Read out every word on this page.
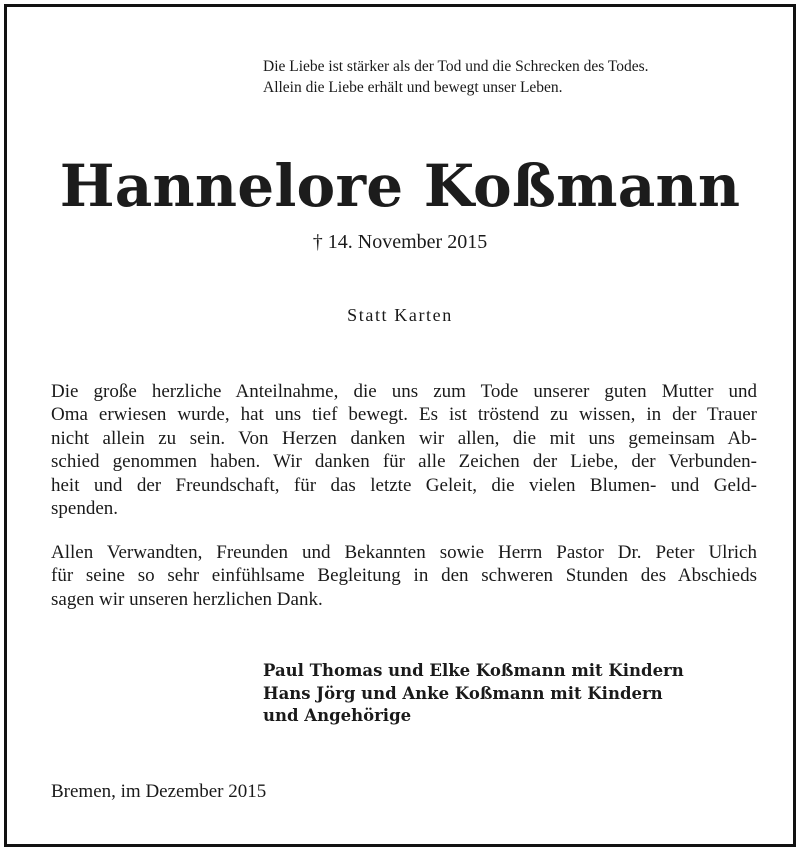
Die Liebe ist stärker als der Tod und die Schrecken des Todes.
Allein die Liebe erhält und bewegt unser Leben.
Hannelore Koßmann
† 14. November 2015
Statt Karten
Die große herzliche Anteilnahme, die uns zum Tode unserer guten Mutter und
Oma erwiesen wurde, hat uns tief bewegt. Es ist tröstend zu wissen, in der Trauer
nicht allein zu sein. Von Herzen danken wir allen, die mit uns gemeinsam Ab-
schied genommen haben. Wir danken für alle Zeichen der Liebe, der Verbunden-
heit und der Freundschaft, für das letzte Geleit, die vielen Blumen- und Geld-
spenden.
Allen Verwandten, Freunden und Bekannten sowie Herrn Pastor Dr. Peter Ulrich
für seine so sehr einfühlsame Begleitung in den schweren Stunden des Abschieds
sagen wir unseren herzlichen Dank.
Paul Thomas und Elke Koßmann mit Kindern
Hans Jörg und Anke Koßmann mit Kindern
und Angehörige
Bremen, im Dezember 2015
